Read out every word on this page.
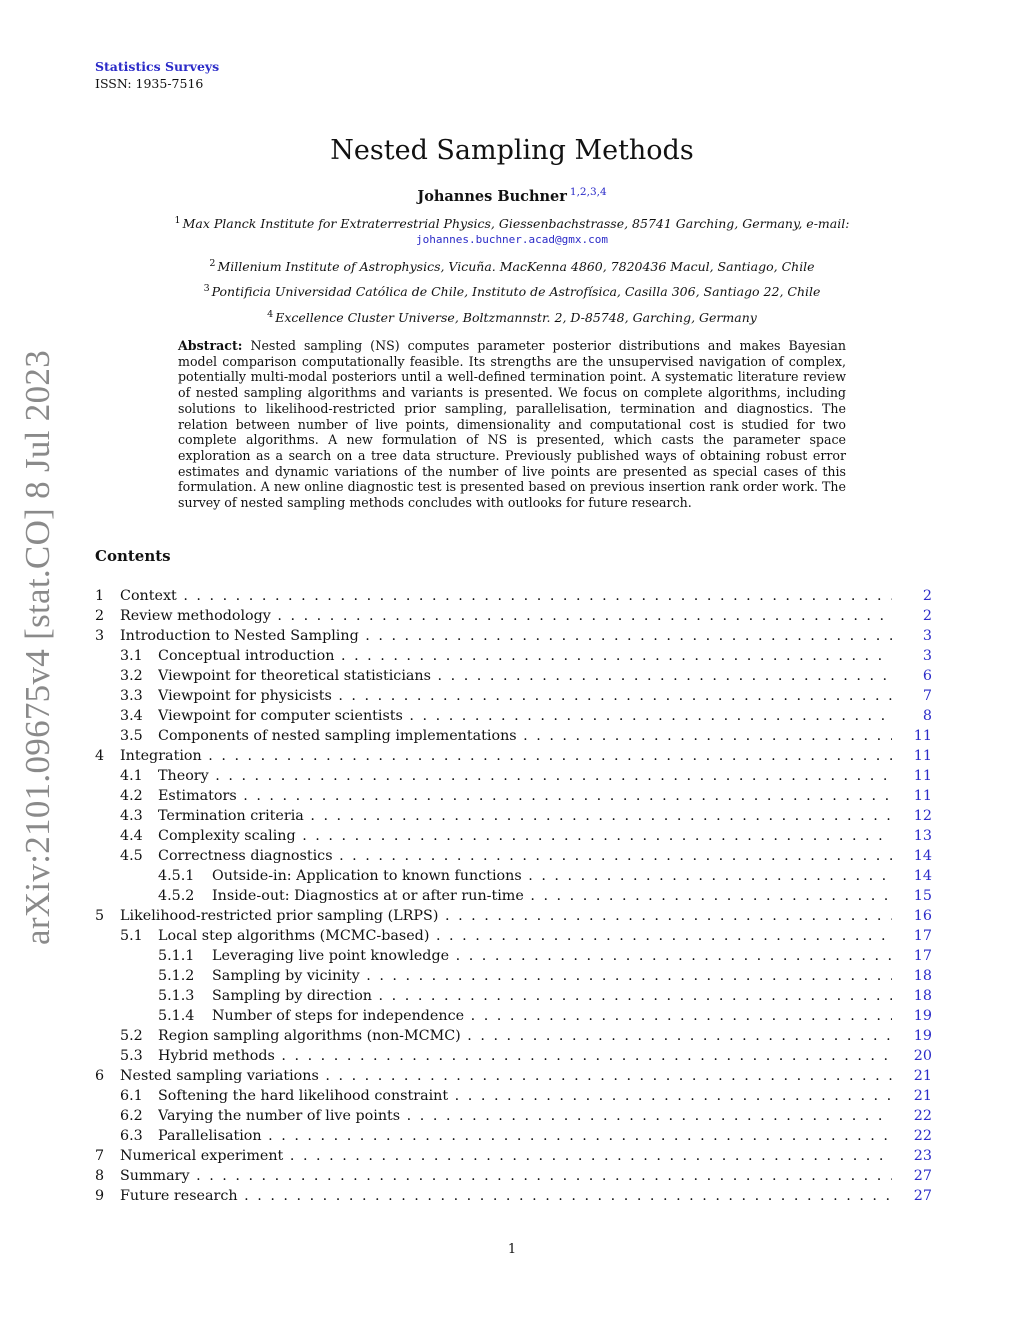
Statistics Surveys
ISSN: 1935-7516
arXiv:2101.09675v4 [stat.CO] 8 Jul 2023
Nested Sampling Methods
Johannes Buchner $^{1,2,3,4}$
$^1$ Max Planck Institute for Extraterrestrial Physics, Giessenbachstrasse, 85741 Garching, Germany, e-mail:
johannes.buchner.acad@gmx.com
$^2$ Millenium Institute of Astrophysics, Vicuña. MacKenna 4860, 7820436 Macul, Santiago, Chile
$^3$ Pontificia Universidad Católica de Chile, Instituto de Astrofísica, Casilla 306, Santiago 22, Chile
$^4$ Excellence Cluster Universe, Boltzmannstr. 2, D-85748, Garching, Germany
Abstract: Nested sampling (NS) computes parameter posterior distributions and makes Bayesian model comparison computationally feasible. Its strengths are the unsupervised navigation of complex, potentially multi-modal posteriors until a well-defined termination point. A systematic literature review of nested sampling algorithms and variants is presented. We focus on complete algorithms, including solutions to likelihood-restricted prior sampling, parallelisation, termination and diagnostics. The relation between number of live points, dimensionality and computational cost is studied for two complete algorithms. A new formulation of NS is presented, which casts the parameter space exploration as a search on a tree data structure. Previously published ways of obtaining robust error estimates and dynamic variations of the number of live points are presented as special cases of this formulation. A new online diagnostic test is presented based on previous insertion rank order work. The survey of nested sampling methods concludes with outlooks for future research.
Contents
1 Context . . .	2
2 Review methodology . . .	2
3 Introduction to Nested Sampling . . .	3
3.1 Conceptual introduction . . .	3
3.2 Viewpoint for theoretical statisticians . . .	6
3.3 Viewpoint for physicists . . .	7
3.4 Viewpoint for computer scientists . . .	8
3.5 Components of nested sampling implementations . . .	11
4 Integration . . .	11
4.1 Theory . . .	11
4.2 Estimators . . .	11
4.3 Termination criteria . . .	12
4.4 Complexity scaling . . .	13
4.5 Correctness diagnostics . . .	14
4.5.1 Outside-in: Application to known functions . . .	14
4.5.2 Inside-out: Diagnostics at or after run-time . . .	15
5 Likelihood-restricted prior sampling (LRPS) . . .	16
5.1 Local step algorithms (MCMC-based) . . .	17
5.1.1 Leveraging live point knowledge . . .	17
5.1.2 Sampling by vicinity . . .	18
5.1.3 Sampling by direction . . .	18
5.1.4 Number of steps for independence . . .	19
5.2 Region sampling algorithms (non-MCMC) . . .	19
5.3 Hybrid methods . . .	20
6 Nested sampling variations . . .	21
6.1 Softening the hard likelihood constraint . . .	21
6.2 Varying the number of live points . . .	22
6.3 Parallelisation . . .	22
7 Numerical experiment . . .	23
8 Summary . . .	27
9 Future research . . .	27
1
